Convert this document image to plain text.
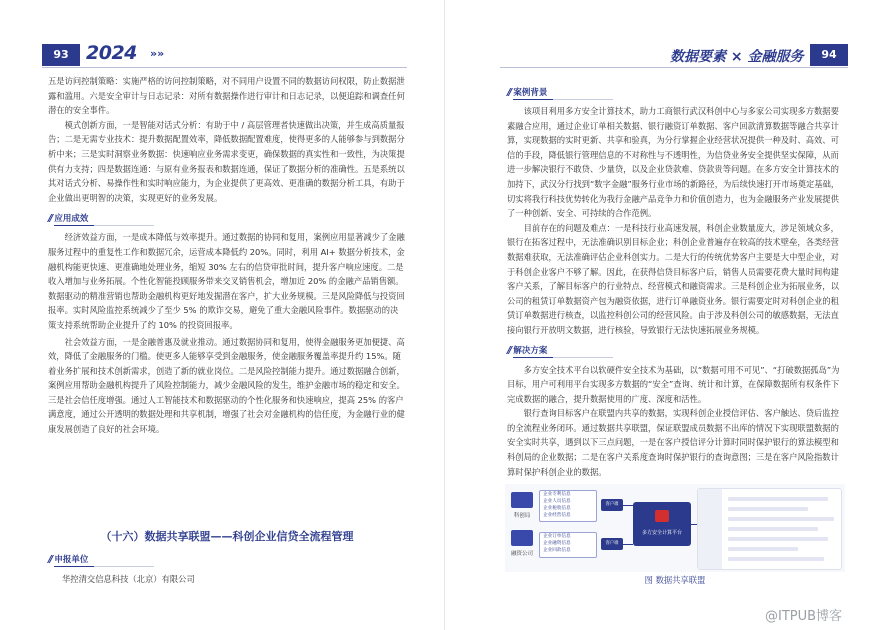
93 2024 »»

五是访问控制策略：实施严格的访问控制策略，对不同用户设置不同的数据访问权限，防止数据泄露和滥用。六是安全审计与日志记录：对所有数据操作进行审计和日志记录，以便追踪和调查任何潜在的安全事件。

模式创新方面，一是智能对话式分析：有助于中 / 高层管理者快速做出决策，并生成高质量报告；二是无需专业技术：提升数据配置效率，降低数据配置难度，使得更多的人能够参与到数据分析中来；三是实时洞察业务数据：快速响应业务需求变更，确保数据的真实性和一致性，为决策提供有力支持；四是数据连通：与原有业务报表和数据连通，保证了数据分析的准确性。五是系统以其对话式分析、易操作性和实时响应能力，为企业提供了更高效、更准确的数据分析工具，有助于企业做出更明智的决策，实现更好的业务发展。

// 应用成效

经济效益方面，一是成本降低与效率提升。通过数据的协同和复用，案例应用显著减少了金融服务过程中的重复性工作和数据冗余，运营成本降低约 20%。同时，利用 AI+ 数据分析技术，金融机构能更快速、更准确地处理业务，缩短 30% 左右的信贷审批时间，提升客户响应速度。二是收入增加与业务拓展。个性化智能投顾服务带来交叉销售机会，增加近 20% 的金融产品销售额。数据驱动的精准营销也帮助金融机构更好地发掘潜在客户，扩大业务规模。三是风险降低与投资回报率。实时风险监控系统减少了至少 5% 的欺诈交易，避免了重大金融风险事件。数据驱动的决策支持系统帮助企业提升了约 10% 的投资回报率。

社会效益方面，一是金融普惠及就业推动。通过数据协同和复用，使得金融服务更加便捷、高效，降低了金融服务的门槛。使更多人能够享受到金融服务，使金融服务覆盖率提升约 15%。随着业务扩展和技术创新需求，创造了新的就业岗位。二是风险控制能力提升。通过数据融合创新，案例应用帮助金融机构提升了风险控制能力，减少金融风险的发生，维护金融市场的稳定和安全。三是社会信任度增强。通过人工智能技术和数据驱动的个性化服务和快速响应，提高 25% 的客户满意度，通过公开透明的数据处理和共享机制，增强了社会对金融机构的信任度，为金融行业的健康发展创造了良好的社会环境。

（十六）数据共享联盟——科创企业信贷全流程管理
// 申报单位
华控清交信息科技（北京）有限公司
数据要素 × 金融服务	94
// 案例背景

该项目利用多方安全计算技术，助力工商银行武汉科创中心与多家公司实现多方数据要素融合应用，通过企业订单相关数据、银行融资订单数据、客户回款清算数据等融合共享计算，实现数据的实时更新、共享和验真，为分行掌握企业经营状况提供一种及时、高效、可信的手段，降低银行管理信息的不对称性与不透明性，为信贷业务安全提供坚实保障，从而进一步解决银行不敢贷、少量贷，以及企业贷款难、贷款贵等问题。在多方安全计算技术的加持下，武汉分行找到“数字金融”服务行业市场的新路径，为后续快速打开市场奠定基础，切实将我行科技优势转化为我行金融产品竞争力和价值创造力，也为金融服务产业发展提供了一种创新、安全、可持续的合作范例。

目前存在的问题及难点：一是科技行业高速发展，科创企业数量庞大，涉足领域众多，银行在拓客过程中，无法准确识别目标企业；科创企业普遍存在较高的技术壁垒，各类经营数据难获取，无法准确评估企业科创实力。二是大行的传统优势客户主要是大中型企业，对于科创企业客户不够了解。因此，在获得信贷目标客户后，销售人员需要花费大量时间构建客户关系，了解目标客户的行业特点、经营模式和融资需求。三是科创企业为拓展业务，以公司的租赁订单数据资产包为融资依据，进行订单融资业务。银行需要定时对科创企业的租赁订单数据进行核查，以监控科创公司的经营风险。由于涉及科创公司的敏感数据，无法直接向银行开放明文数据，进行核验，导致银行无法快速拓展业务规模。

// 解决方案

多方安全技术平台以软硬件安全技术为基础，以“数据可用不可见”、“打破数据孤岛”为目标，用户可利用平台实现多方数据的“安全”查询、统计和计算，在保障数据所有权条件下完成数据的融合，提升数据使用的广度、深度和活性。

银行查询目标客户在联盟内共享的数据，实现科创企业授信评估、客户触达、贷后监控的全流程业务闭环。通过数据共享联盟，保证联盟成员数据不出库的情况下实现联盟数据的安全实时共享，遇到以下三点问题，一是在客户授信评分计算时同时保护银行的算法模型和科创局的企业数据；二是在客户关系度查询时保护银行的查询意图；三是在客户风险指数计算时保护科创企业的数据。

科创局
融资公司
企业专利信息
企业人员信息
企业税收信息
企业经营信息
企业订单信息
企业融资信息
企业回款信息
客户端
客户端
多方安全计算平台
图 数据共享联盟
@ITPUB博客
